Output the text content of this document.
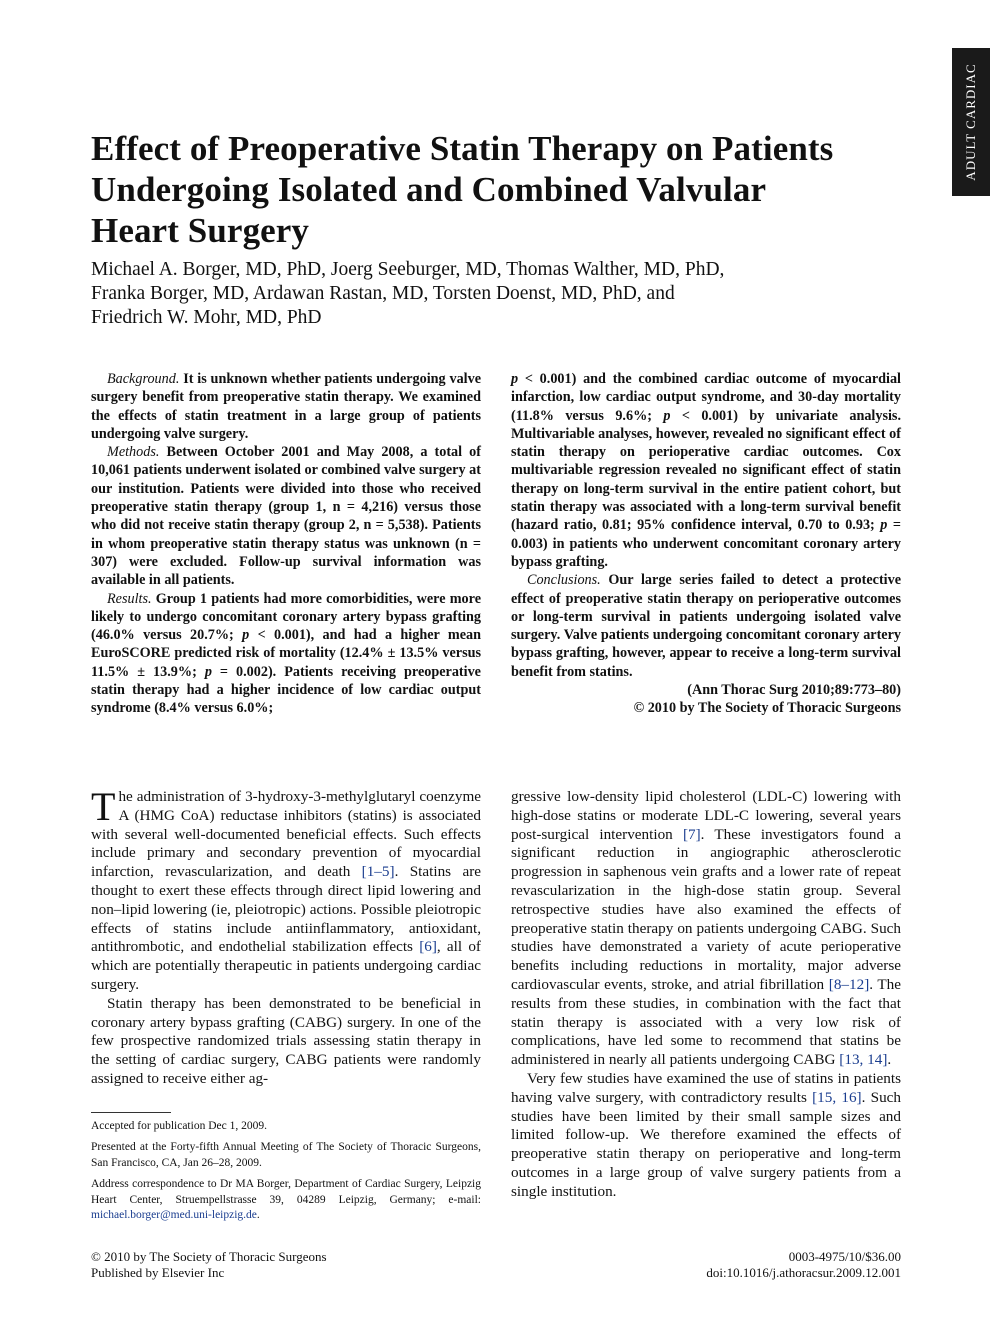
ADULT CARDIAC
Effect of Preoperative Statin Therapy on Patients
Undergoing Isolated and Combined Valvular
Heart Surgery
Michael A. Borger, MD, PhD, Joerg Seeburger, MD, Thomas Walther, MD, PhD,
Franka Borger, MD, Ardawan Rastan, MD, Torsten Doenst, MD, PhD, and
Friedrich W. Mohr, MD, PhD

Background. It is unknown whether patients undergoing valve surgery benefit from preoperative statin therapy. We examined the effects of statin treatment in a large group of patients undergoing valve surgery.

Methods. Between October 2001 and May 2008, a total of 10,061 patients underwent isolated or combined valve surgery at our institution. Patients were divided into those who received preoperative statin therapy (group 1, n = 4,216) versus those who did not receive statin therapy (group 2, n = 5,538). Patients in whom preoperative statin therapy status was unknown (n = 307) were excluded. Follow-up survival information was available in all patients.

Results. Group 1 patients had more comorbidities, were more likely to undergo concomitant coronary artery bypass grafting (46.0% versus 20.7%; p < 0.001), and had a higher mean EuroSCORE predicted risk of mortality (12.4% ± 13.5% versus 11.5% ± 13.9%; p = 0.002). Patients receiving preoperative statin therapy had a higher incidence of low cardiac output syndrome (8.4% versus 6.0%;

p < 0.001) and the combined cardiac outcome of myocardial infarction, low cardiac output syndrome, and 30-day mortality (11.8% versus 9.6%; p < 0.001) by univariate analysis. Multivariable analyses, however, revealed no significant effect of statin therapy on perioperative cardiac outcomes. Cox multivariable regression revealed no significant effect of statin therapy on long-term survival in the entire patient cohort, but statin therapy was associated with a long-term survival benefit (hazard ratio, 0.81; 95% confidence interval, 0.70 to 0.93; p = 0.003) in patients who underwent concomitant coronary artery bypass grafting.

Conclusions. Our large series failed to detect a protective effect of preoperative statin therapy on perioperative outcomes or long-term survival in patients undergoing isolated valve surgery. Valve patients undergoing concomitant coronary artery bypass grafting, however, appear to receive a long-term survival benefit from statins.

(Ann Thorac Surg 2010;89:773–80)

© 2010 by The Society of Thoracic Surgeons

The administration of 3-hydroxy-3-methylglutaryl coenzyme A (HMG CoA) reductase inhibitors (statins) is associated with several well-documented beneficial effects. Such effects include primary and secondary prevention of myocardial infarction, revascularization, and death [1–5]. Statins are thought to exert these effects through direct lipid lowering and non–lipid lowering (ie, pleiotropic) actions. Possible pleiotropic effects of statins include antiinflammatory, antioxidant, antithrombotic, and endothelial stabilization effects [6], all of which are potentially therapeutic in patients undergoing cardiac surgery.

Statin therapy has been demonstrated to be beneficial in coronary artery bypass grafting (CABG) surgery. In one of the few prospective randomized trials assessing statin therapy in the setting of cardiac surgery, CABG patients were randomly assigned to receive either ag-

gressive low-density lipid cholesterol (LDL-C) lowering with high-dose statins or moderate LDL-C lowering, several years post-surgical intervention [7]. These investigators found a significant reduction in angiographic atherosclerotic progression in saphenous vein grafts and a lower rate of repeat revascularization in the high-dose statin group. Several retrospective studies have also examined the effects of preoperative statin therapy on patients undergoing CABG. Such studies have demonstrated a variety of acute perioperative benefits including reductions in mortality, major adverse cardiovascular events, stroke, and atrial fibrillation [8–12]. The results from these studies, in combination with the fact that statin therapy is associated with a very low risk of complications, have led some to recommend that statins be administered in nearly all patients undergoing CABG [13, 14].

Very few studies have examined the use of statins in patients having valve surgery, with contradictory results [15, 16]. Such studies have been limited by their small sample sizes and limited follow-up. We therefore examined the effects of preoperative statin therapy on perioperative and long-term outcomes in a large group of valve surgery patients from a single institution.

Accepted for publication Dec 1, 2009.

Presented at the Forty-fifth Annual Meeting of The Society of Thoracic Surgeons, San Francisco, CA, Jan 26–28, 2009.

Address correspondence to Dr MA Borger, Department of Cardiac Surgery, Leipzig Heart Center, Struempellstrasse 39, 04289 Leipzig, Germany; e-mail: michael.borger@med.uni-leipzig.de.

© 2010 by The Society of Thoracic Surgeons
Published by Elsevier Inc
0003-4975/10/$36.00
doi:10.1016/j.athoracsur.2009.12.001
